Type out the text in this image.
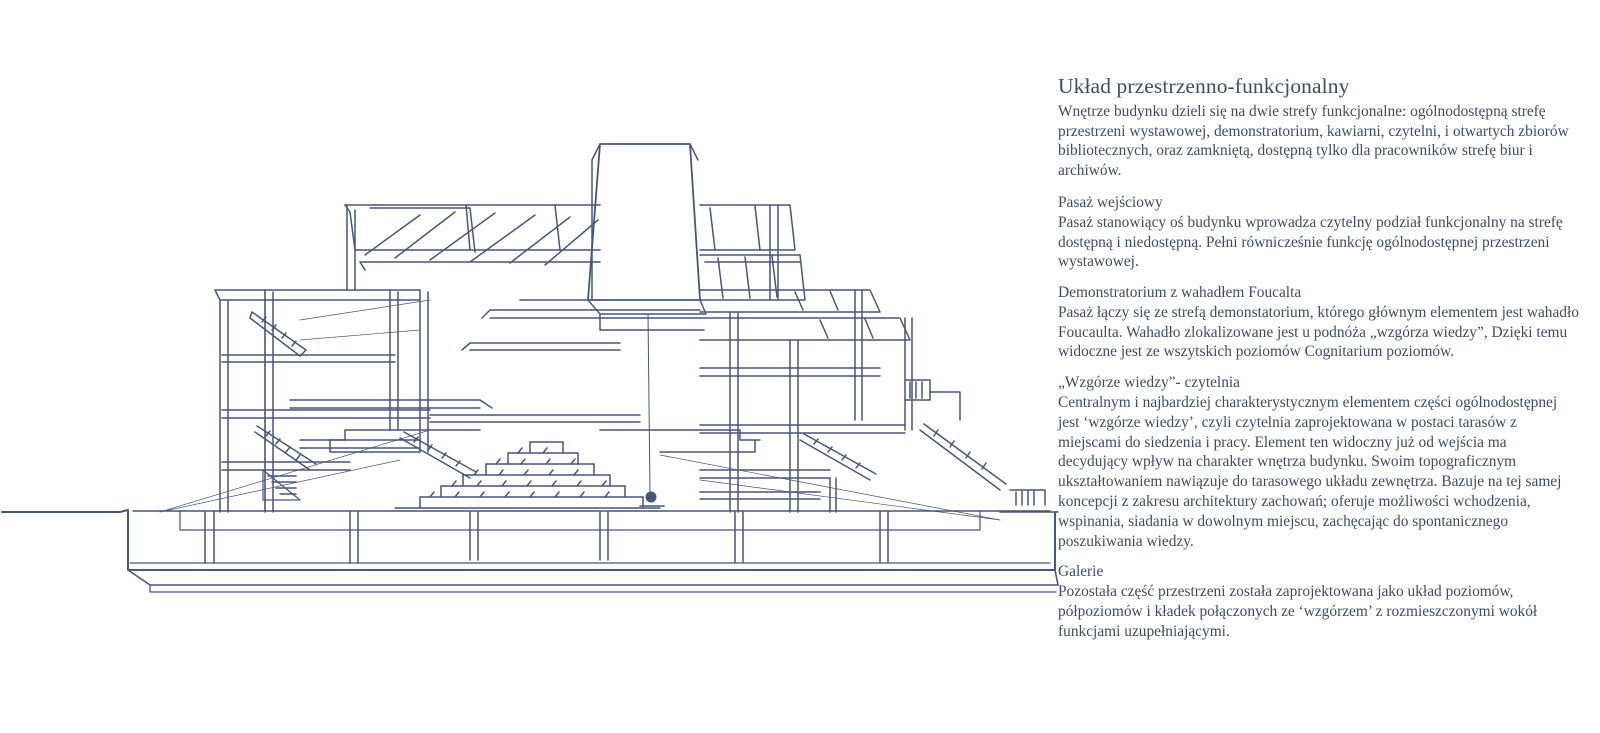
Układ przestrzenno-funkcjonalny

Wnętrze budynku dzieli się na dwie strefy funkcjonalne: ogólnodostępną strefę przestrzeni wystawowej, demonstratorium, kawiarni, czytelni, i otwartych zbiorów bibliotecznych, oraz zamkniętą, dostępną tylko dla pracowników strefę biur i archiwów.

Pasaż wejściowy

Pasaż stanowiący oś budynku wprowadza czytelny podział funkcjonalny na strefę dostępną i niedostępną. Pełni równicześnie funkcję ogólnodostępnej przestrzeni wystawowej.

Demonstratorium z wahadłem Foucalta

Pasaż łączy się ze strefą demonstatorium, którego głównym elementem jest wahadło Foucaulta. Wahadło zlokalizowane jest u podnóża „wzgórza wiedzy”, Dzięki temu widoczne jest ze wszytskich poziomów Cognitarium poziomów.

„Wzgórze wiedzy”- czytelnia

Centralnym i najbardziej charakterystycznym elementem części ogólnodostępnej jest ‘wzgórze wiedzy’, czyli czytelnia zaprojektowana w postaci tarasów z miejscami do siedzenia i pracy. Element ten widoczny już od wejścia ma decydujący wpływ na charakter wnętrza budynku. Swoim topograficznym ukształtowaniem nawiązuje do tarasowego układu zewnętrza. Bazuje na tej samej koncepcji z zakresu architektury zachowań; oferuje możliwości wchodzenia, wspinania, siadania w dowolnym miejscu, zachęcając do spontanicznego poszukiwania wiedzy.

Galerie

Pozostała część przestrzeni została zaprojektowana jako układ poziomów, półpoziomów i kładek połączonych ze ‘wzgórzem’ z rozmieszczonymi wokół funkcjami uzupełniającymi.
